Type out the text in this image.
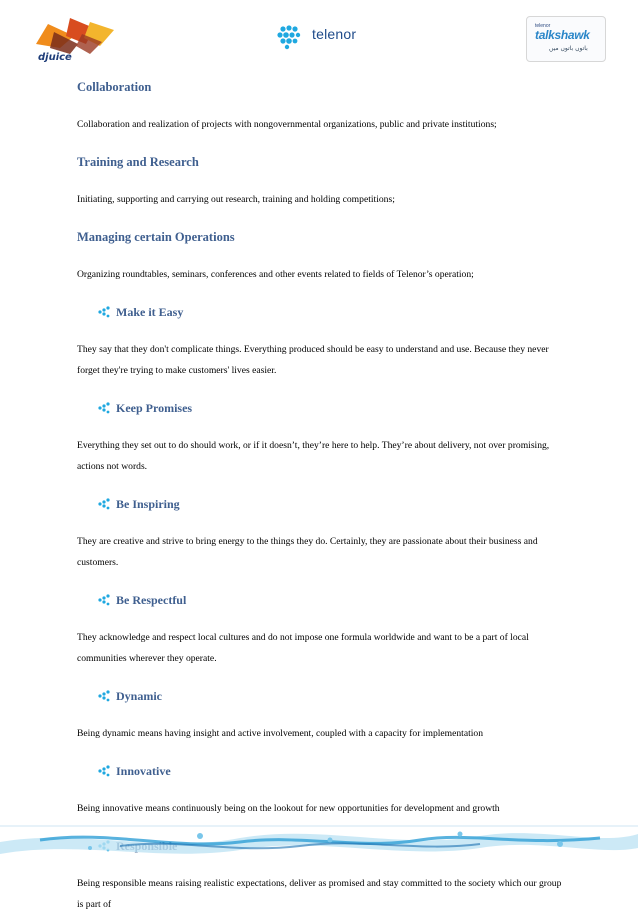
djuice
telenor	telenor
talkshawk
باتوں باتوں میں
Collaboration
Collaboration and realization of projects with nongovernmental organizations, public and private institutions;
Training and Research
Initiating, supporting and carrying out research, training and holding competitions;
Managing certain Operations
Organizing roundtables, seminars, conferences and other events related to fields of Telenor’s operation;
Make it Easy
They say that they don't complicate things. Everything produced should be easy to understand and use. Because they never forget they're trying to make customers' lives easier.
Keep Promises
Everything they set out to do should work, or if it doesn’t, they’re here to help. They’re about delivery, not over promising, actions not words.
Be Inspiring
They are creative and strive to bring energy to the things they do. Certainly, they are passionate about their business and customers.
Be Respectful
They acknowledge and respect local cultures and do not impose one formula worldwide and want to be a part of local communities wherever they operate.
Dynamic
Being dynamic means having insight and active involvement, coupled with a capacity for implementation
Innovative
Being innovative means continuously being on the lookout for new opportunities for development and growth
Being responsible means raising realistic expectations, deliver as promised and stay committed to the society which our group is part of
